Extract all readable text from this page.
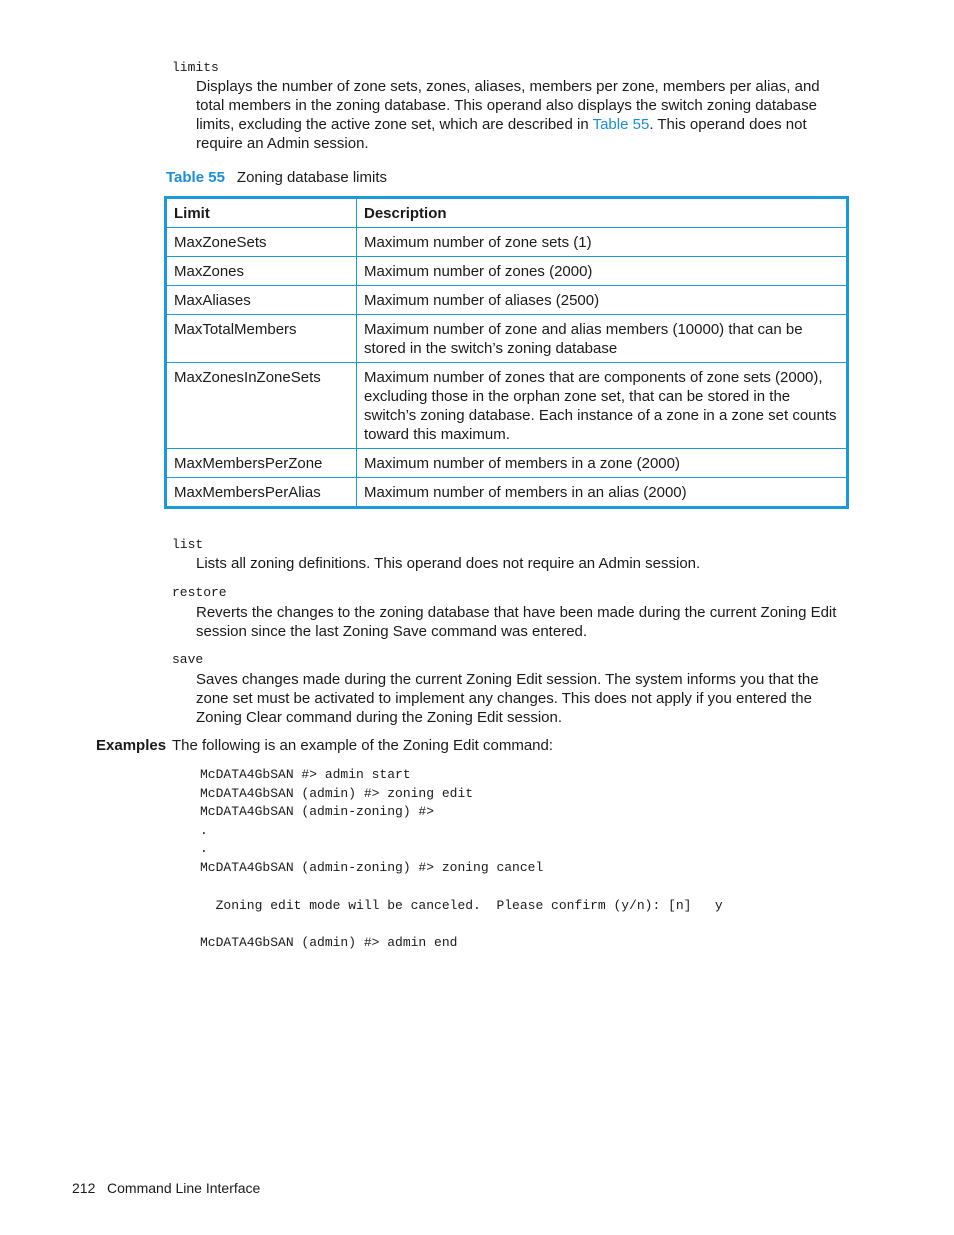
limits
Displays the number of zone sets, zones, aliases, members per zone, members per alias, and total members in the zoning database. This operand also displays the switch zoning database limits, excluding the active zone set, which are described in Table 55. This operand does not require an Admin session.
Table 55 Zoning database limits
Limit	Description
MaxZoneSets	Maximum number of zone sets (1)
MaxZones	Maximum number of zones (2000)
MaxAliases	Maximum number of aliases (2500)
MaxTotalMembers	Maximum number of zone and alias members (10000) that can be stored in the switch’s zoning database
MaxZonesInZoneSets	Maximum number of zones that are components of zone sets (2000), excluding those in the orphan zone set, that can be stored in the switch’s zoning database. Each instance of a zone in a zone set counts toward this maximum.
MaxMembersPerZone	Maximum number of members in a zone (2000)
MaxMembersPerAlias	Maximum number of members in an alias (2000)
list
Lists all zoning definitions. This operand does not require an Admin session.
restore
Reverts the changes to the zoning database that have been made during the current Zoning Edit session since the last Zoning Save command was entered.
save
Saves changes made during the current Zoning Edit session. The system informs you that the zone set must be activated to implement any changes. This does not apply if you entered the Zoning Clear command during the Zoning Edit session.
Examples The following is an example of the Zoning Edit command:
McDATA4GbSAN #> admin start
McDATA4GbSAN (admin) #> zoning edit
McDATA4GbSAN (admin-zoning) #>
.
.
McDATA4GbSAN (admin-zoning) #> zoning cancel
Zoning edit mode will be canceled.  Please confirm (y/n): [n]   y
McDATA4GbSAN (admin) #> admin end
212 Command Line Interface
